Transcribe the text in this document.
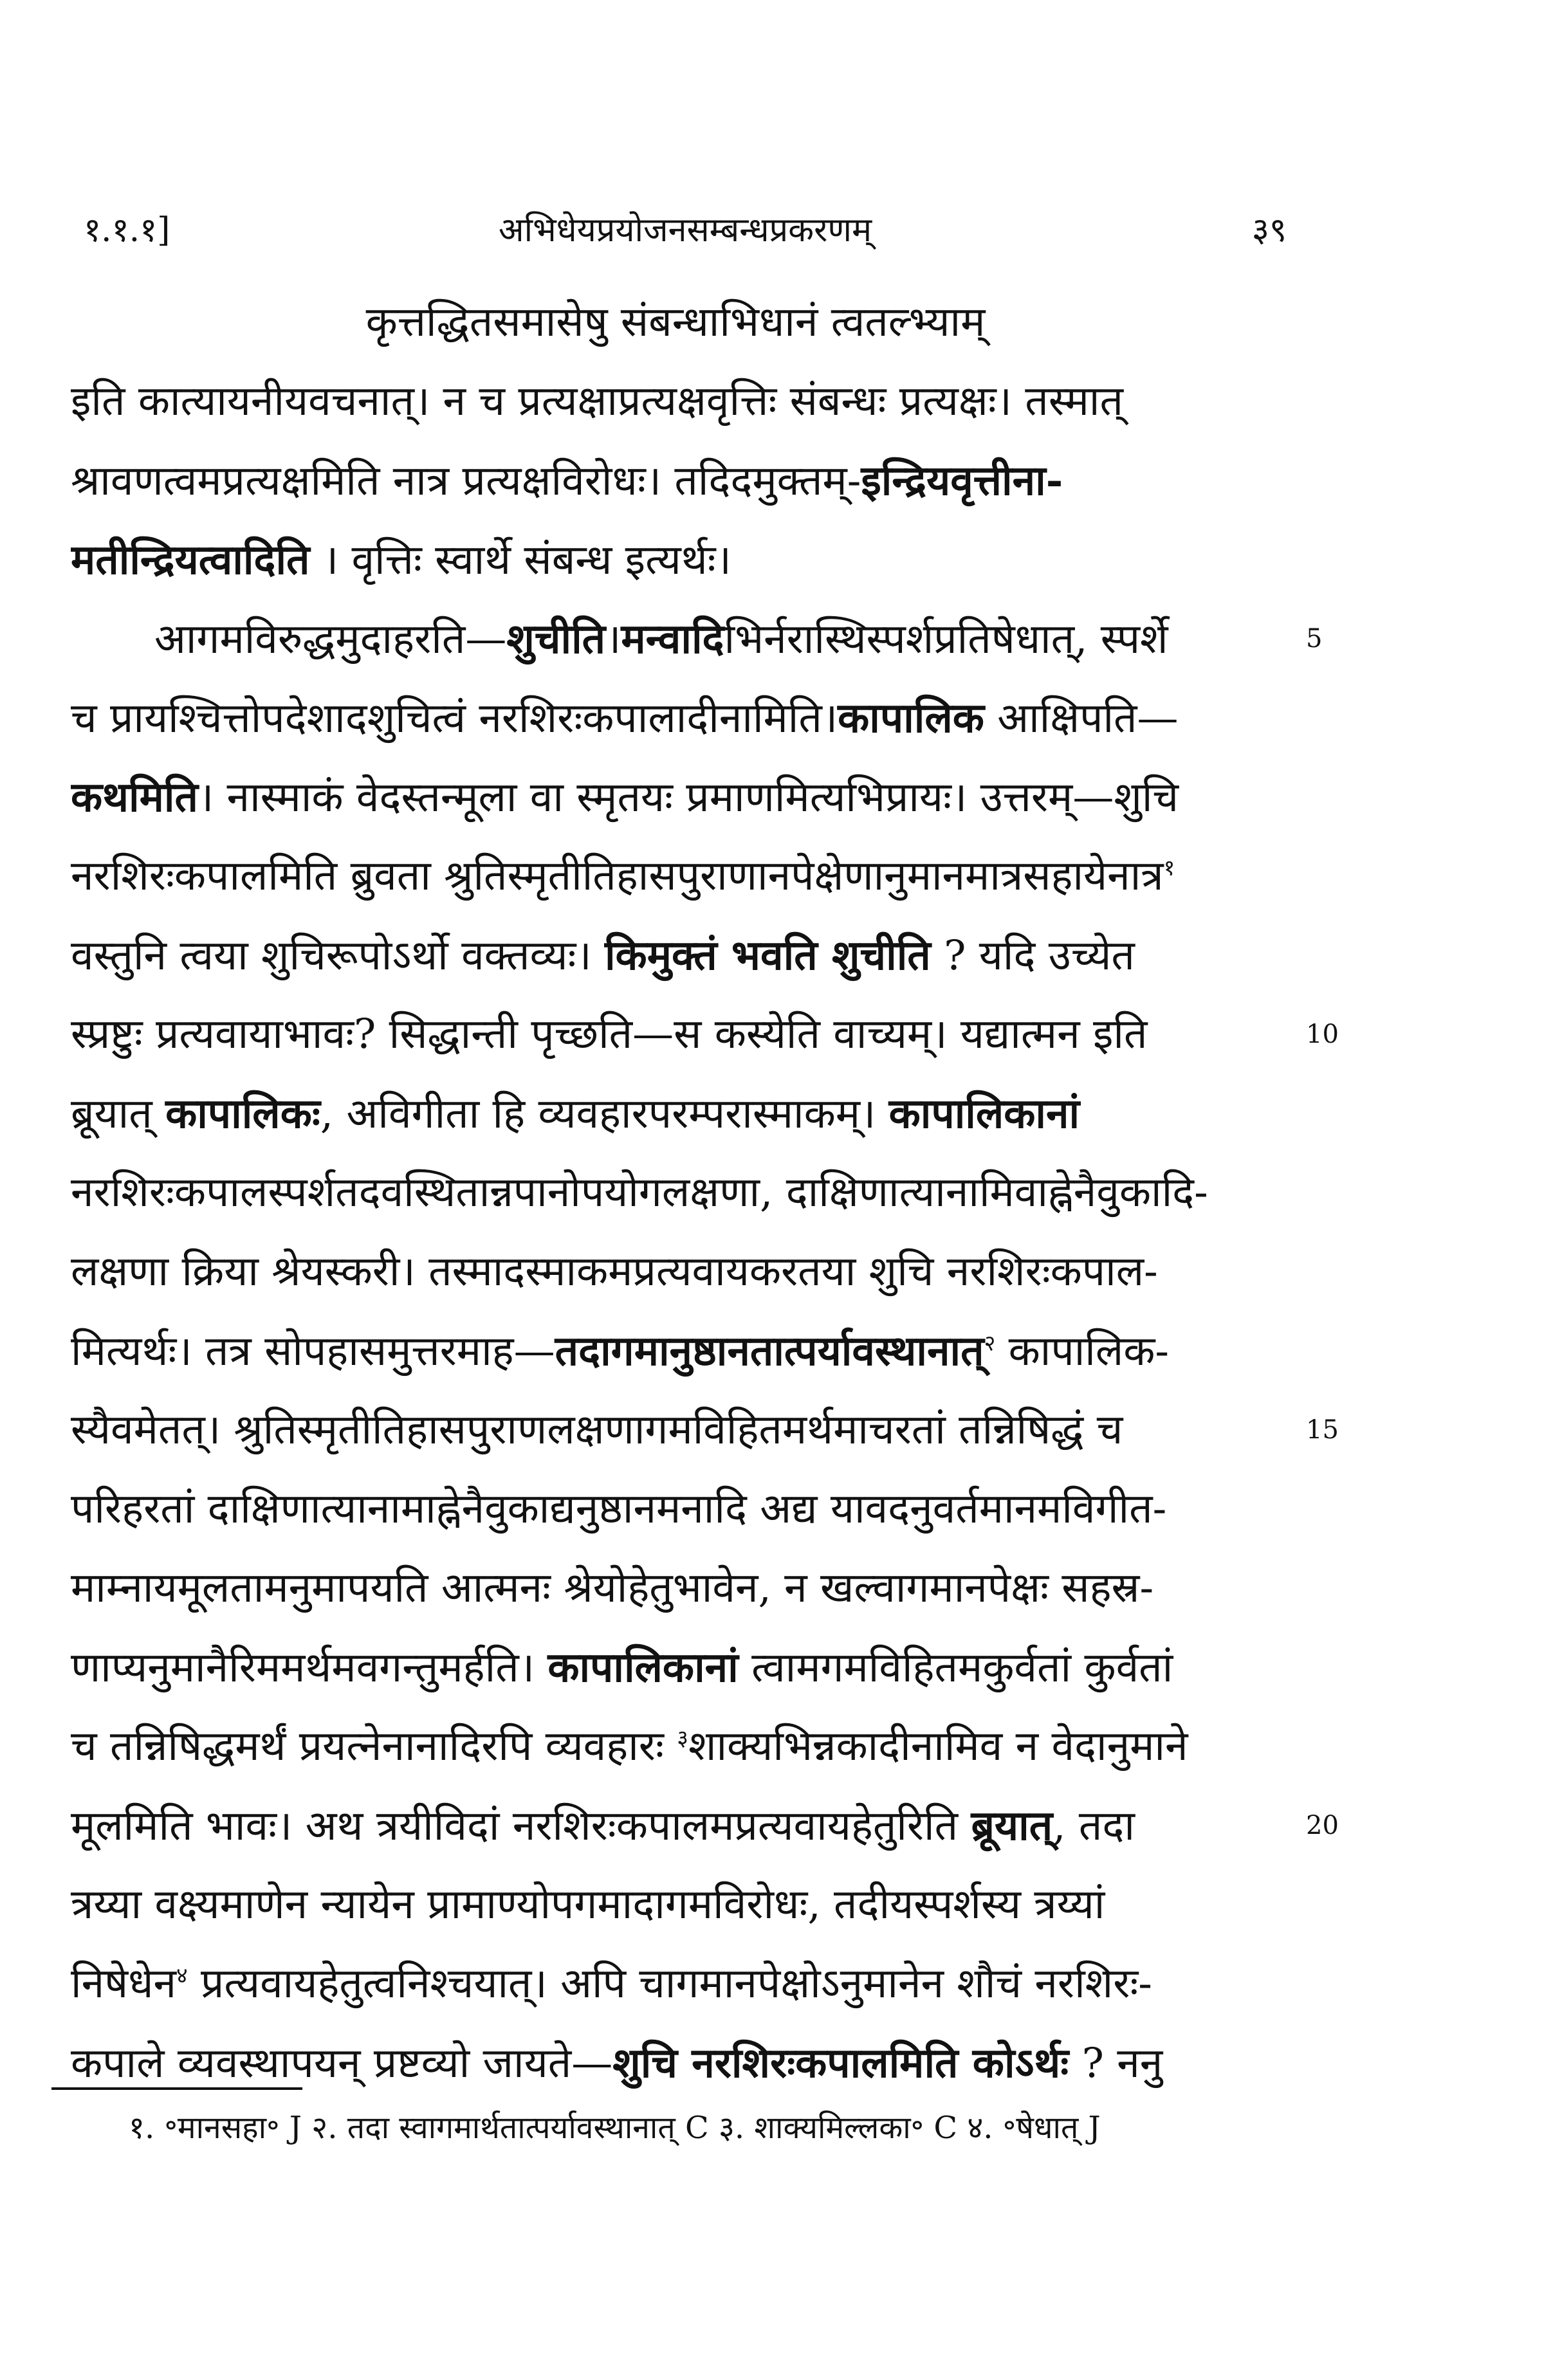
१.१.१]	अभिधेयप्रयोजनसम्बन्धप्रकरणम्	३९
कृत्तद्धितसमासेषु संबन्धाभिधानं त्वतल्भ्याम्
इति कात्यायनीयवचनात्। न च प्रत्यक्षाप्रत्यक्षवृत्तिः संबन्धः प्रत्यक्षः। तस्मात्
श्रावणत्वमप्रत्यक्षमिति नात्र प्रत्यक्षविरोधः। तदिदमुक्तम्-इन्द्रियवृत्तीना-
मतीन्द्रियत्वादिति । वृत्तिः स्वार्थे संबन्ध इत्यर्थः।
आगमविरुद्धमुदाहरति—शुचीति।मन्वादिभिर्नरास्थिस्पर्शप्रतिषेधात्, स्पर्शे
च प्रायश्चित्तोपदेशादशुचित्वं नरशिरःकपालादीनामिति।कापालिक आक्षिपति—
कथमिति। नास्माकं वेदस्तन्मूला वा स्मृतयः प्रमाणमित्यभिप्रायः। उत्तरम्—शुचि
नरशिरःकपालमिति ब्रुवता श्रुतिस्मृतीतिहासपुराणानपेक्षेणानुमानमात्रसहायेनात्र$^१$
वस्तुनि त्वया शुचिरूपोऽर्थो वक्तव्यः। किमुक्तं भवति शुचीति ? यदि उच्येत
स्प्रष्टुः प्रत्यवायाभावः? सिद्धान्ती पृच्छति—स कस्येति वाच्यम्। यद्यात्मन इति
ब्रूयात् कापालिकः, अविगीता हि व्यवहारपरम्परास्माकम्। कापालिकानां
नरशिरःकपालस्पर्शतदवस्थितान्नपानोपयोगलक्षणा, दाक्षिणात्यानामिवाह्नेनैवुकादि-
लक्षणा क्रिया श्रेयस्करी। तस्मादस्माकमप्रत्यवायकरतया शुचि नरशिरःकपाल-
मित्यर्थः। तत्र सोपहासमुत्तरमाह—तदागमानुष्ठानतात्पर्यावस्थानात्$^२$ कापालिक-
स्यैवमेतत्। श्रुतिस्मृतीतिहासपुराणलक्षणागमविहितमर्थमाचरतां तन्निषिद्धं च
परिहरतां दाक्षिणात्यानामाह्नेनैवुकाद्यनुष्ठानमनादि अद्य यावदनुवर्तमानमविगीत-
माम्नायमूलतामनुमापयति आत्मनः श्रेयोहेतुभावेन, न खल्वागमानपेक्षः सहस्र-
णाप्यनुमानैरिममर्थमवगन्तुमर्हति। कापालिकानां त्वामगमविहितमकुर्वतां कुर्वतां
च तन्निषिद्धमर्थं प्रयत्नेनानादिरपि व्यवहारः $^३$शाक्यभिन्नकादीनामिव न वेदानुमाने
मूलमिति भावः। अथ त्रयीविदां नरशिरःकपालमप्रत्यवायहेतुरिति ब्रूयात्, तदा
त्रय्या वक्ष्यमाणेन न्यायेन प्रामाण्योपगमादागमविरोधः, तदीयस्पर्शस्य त्रय्यां
निषेधेन$^४$ प्रत्यवायहेतुत्वनिश्चयात्। अपि चागमानपेक्षोऽनुमानेन शौचं नरशिरः-
कपाले व्यवस्थापयन् प्रष्टव्यो जायते—शुचि नरशिरःकपालमिति कोऽर्थः ? ननु
5
10
15
20
१. ॰मानसहा॰ J २. तदा स्वागमार्थतात्पर्यावस्थानात् C ३. शाक्यमिल्लका॰ C ४. ॰षेधात् J
